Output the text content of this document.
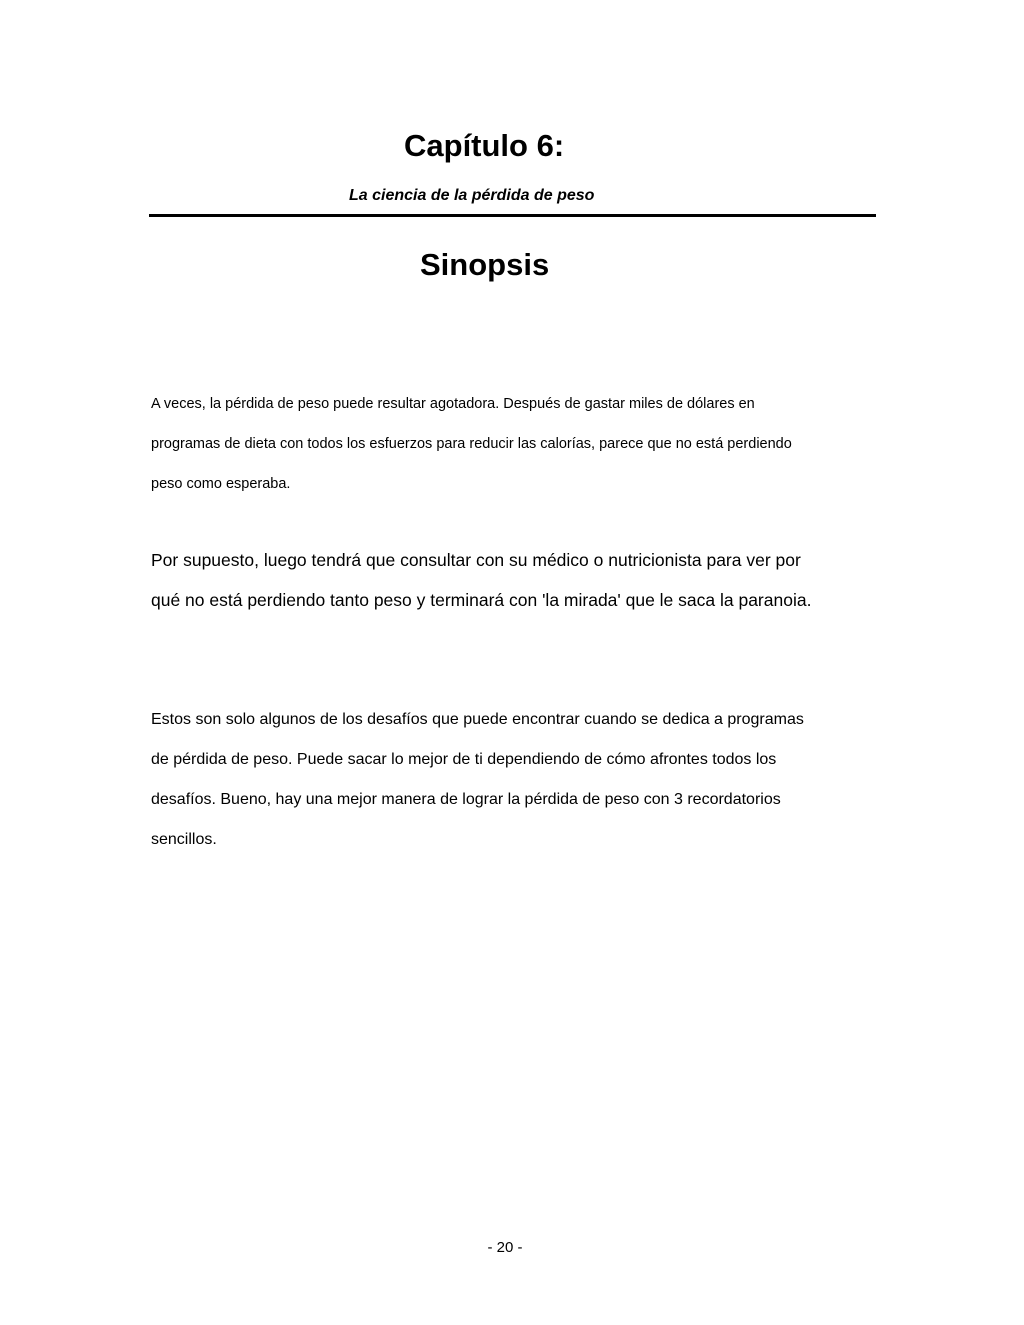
Capítulo 6:
La ciencia de la pérdida de peso
Sinopsis

A veces, la pérdida de peso puede resultar agotadora. Después de gastar miles de dólares en
programas de dieta con todos los esfuerzos para reducir las calorías, parece que no está perdiendo
peso como esperaba.

Por supuesto, luego tendrá que consultar con su médico o nutricionista para ver por
qué no está perdiendo tanto peso y terminará con 'la mirada' que le saca la paranoia.

Estos son solo algunos de los desafíos que puede encontrar cuando se dedica a programas
de pérdida de peso. Puede sacar lo mejor de ti dependiendo de cómo afrontes todos los
desafíos. Bueno, hay una mejor manera de lograr la pérdida de peso con 3 recordatorios
sencillos.

- 20 -
